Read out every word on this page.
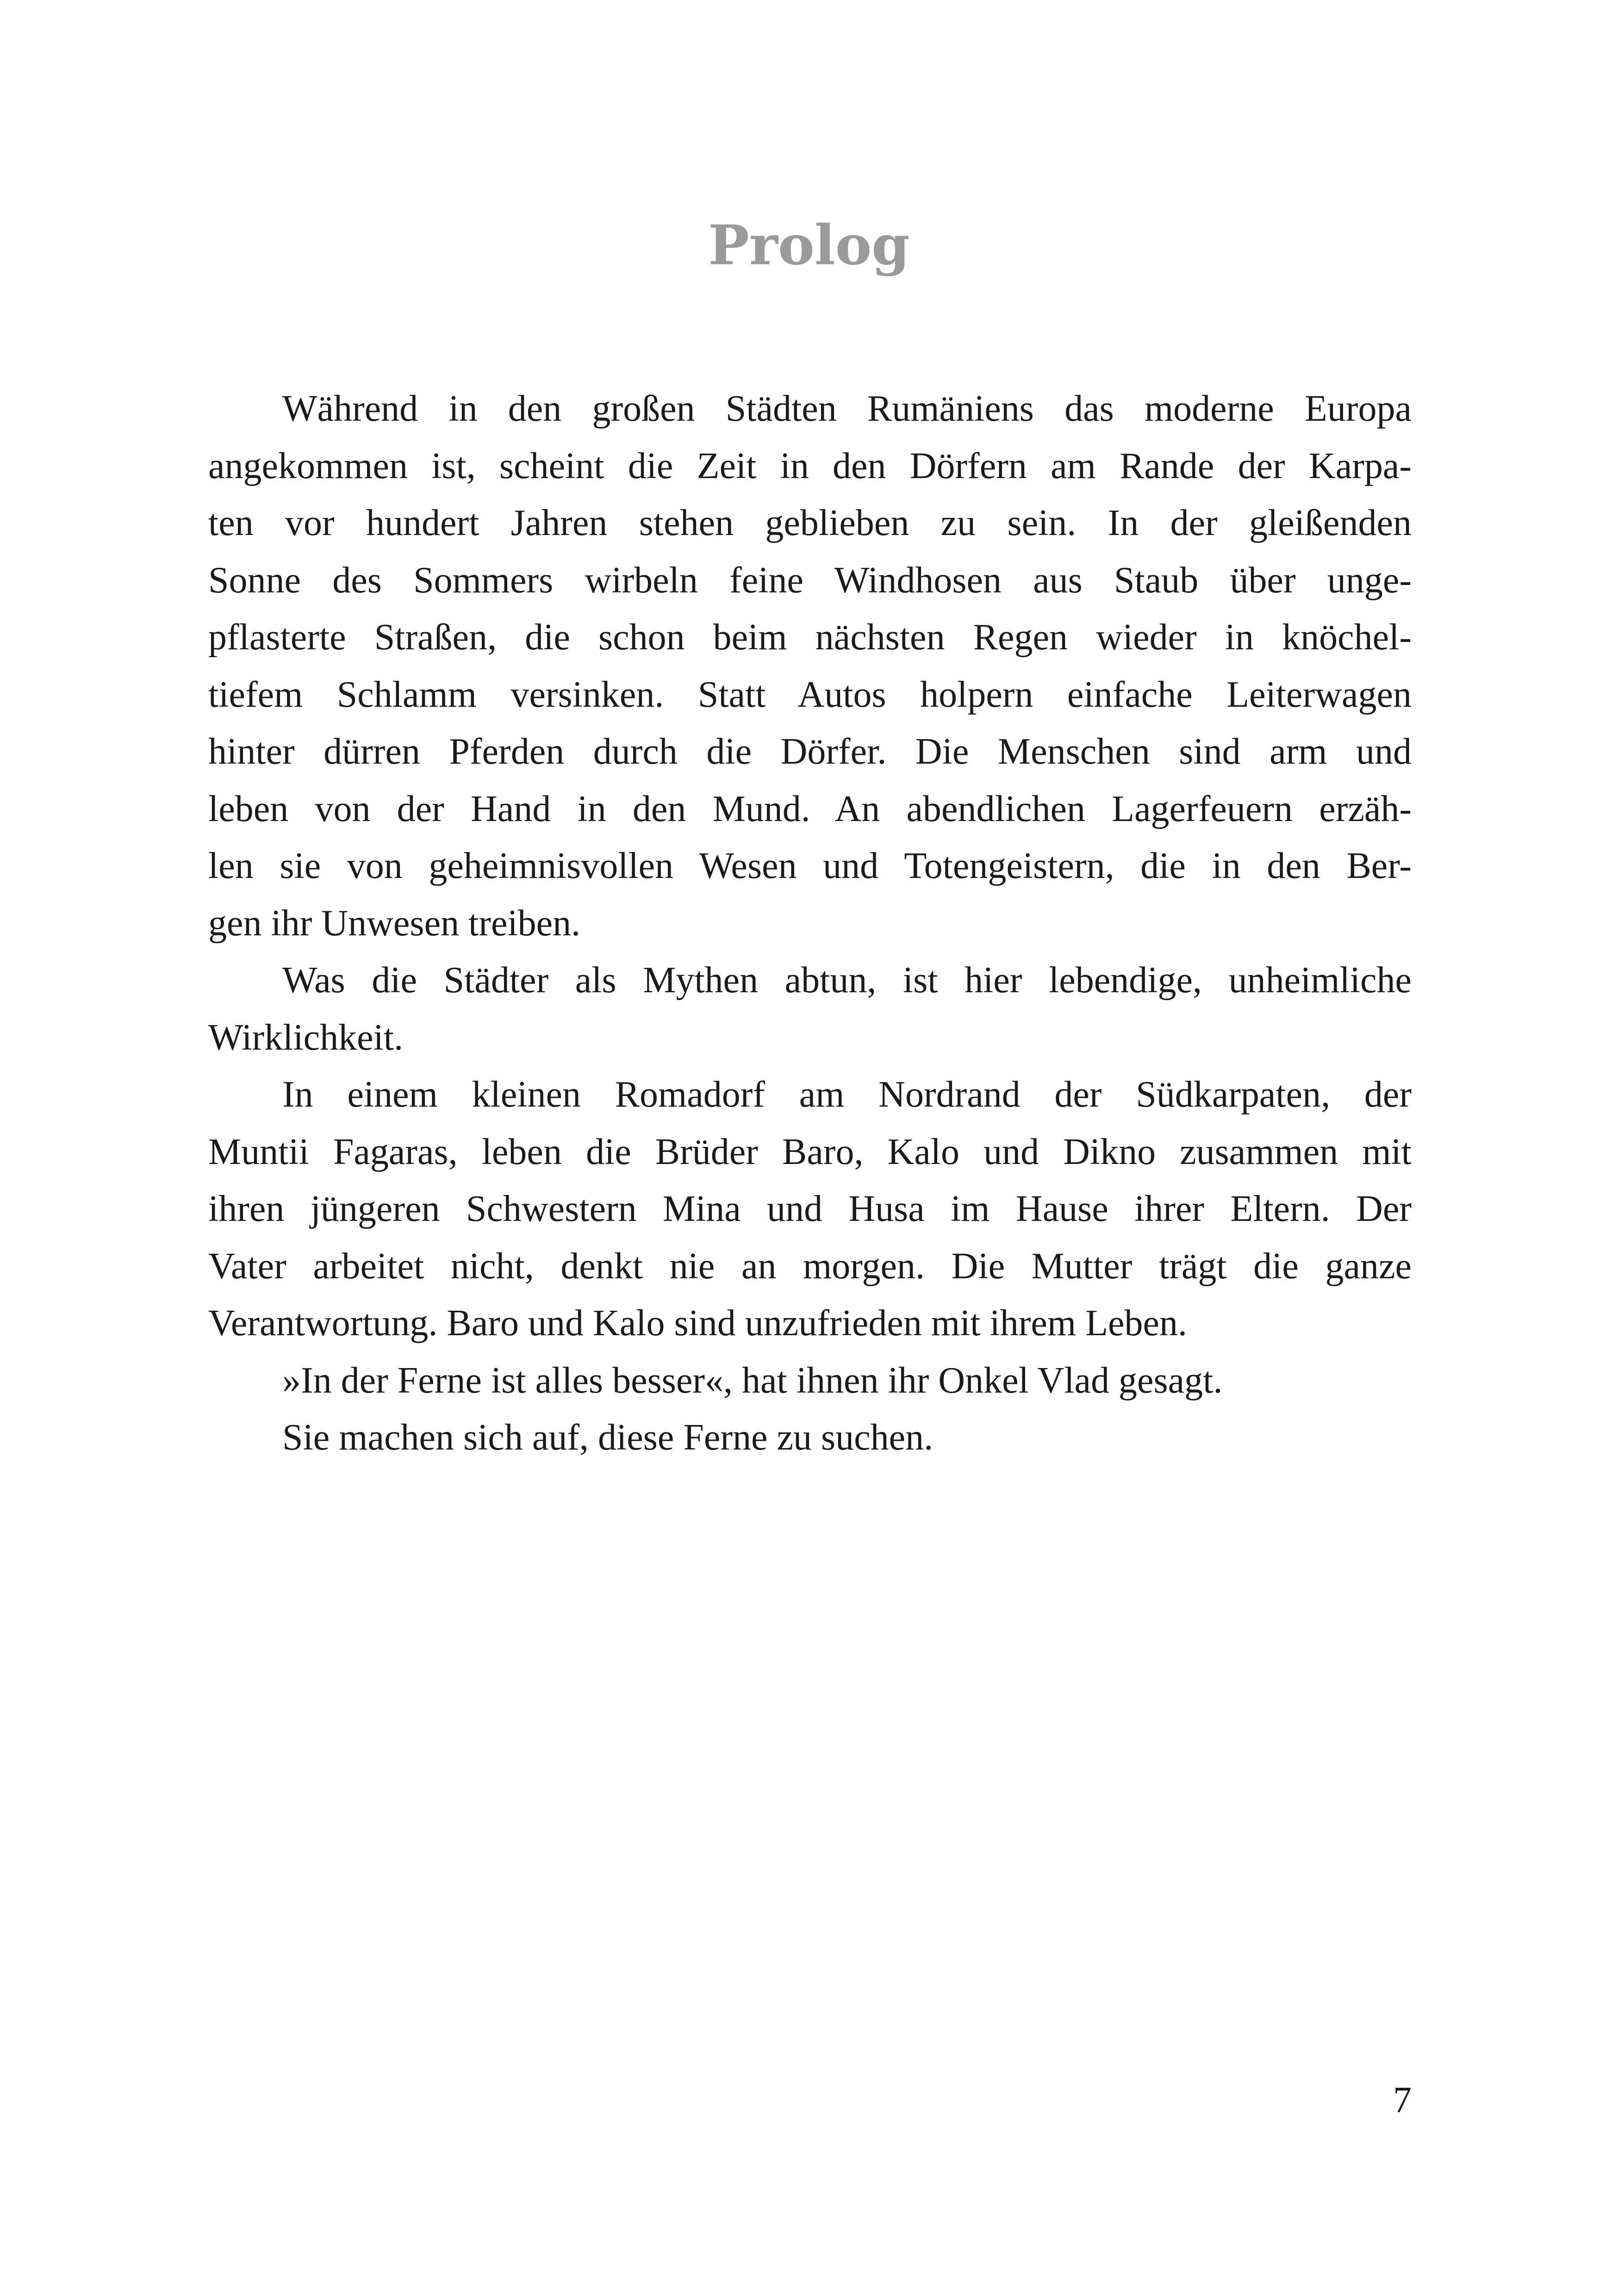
Prolog
Während in den großen Städten Rumäniens das moderne Europa
angekommen ist, scheint die Zeit in den Dörfern am Rande der Karpa-
ten vor hundert Jahren stehen geblieben zu sein. In der gleißenden
Sonne des Sommers wirbeln feine Windhosen aus Staub über unge-
pflasterte Straßen, die schon beim nächsten Regen wieder in knöchel-
tiefem Schlamm versinken. Statt Autos holpern einfache Leiterwagen
hinter dürren Pferden durch die Dörfer. Die Menschen sind arm und
leben von der Hand in den Mund. An abendlichen Lagerfeuern erzäh-
len sie von geheimnisvollen Wesen und Totengeistern, die in den Ber-
gen ihr Unwesen treiben.
Was die Städter als Mythen abtun, ist hier lebendige, unheimliche
Wirklichkeit.
In einem kleinen Romadorf am Nordrand der Südkarpaten, der
Muntii Fagaras, leben die Brüder Baro, Kalo und Dikno zusammen mit
ihren jüngeren Schwestern Mina und Husa im Hause ihrer Eltern. Der
Vater arbeitet nicht, denkt nie an morgen. Die Mutter trägt die ganze
Verantwortung. Baro und Kalo sind unzufrieden mit ihrem Leben.
»In der Ferne ist alles besser«, hat ihnen ihr Onkel Vlad gesagt.
Sie machen sich auf, diese Ferne zu suchen.

7
